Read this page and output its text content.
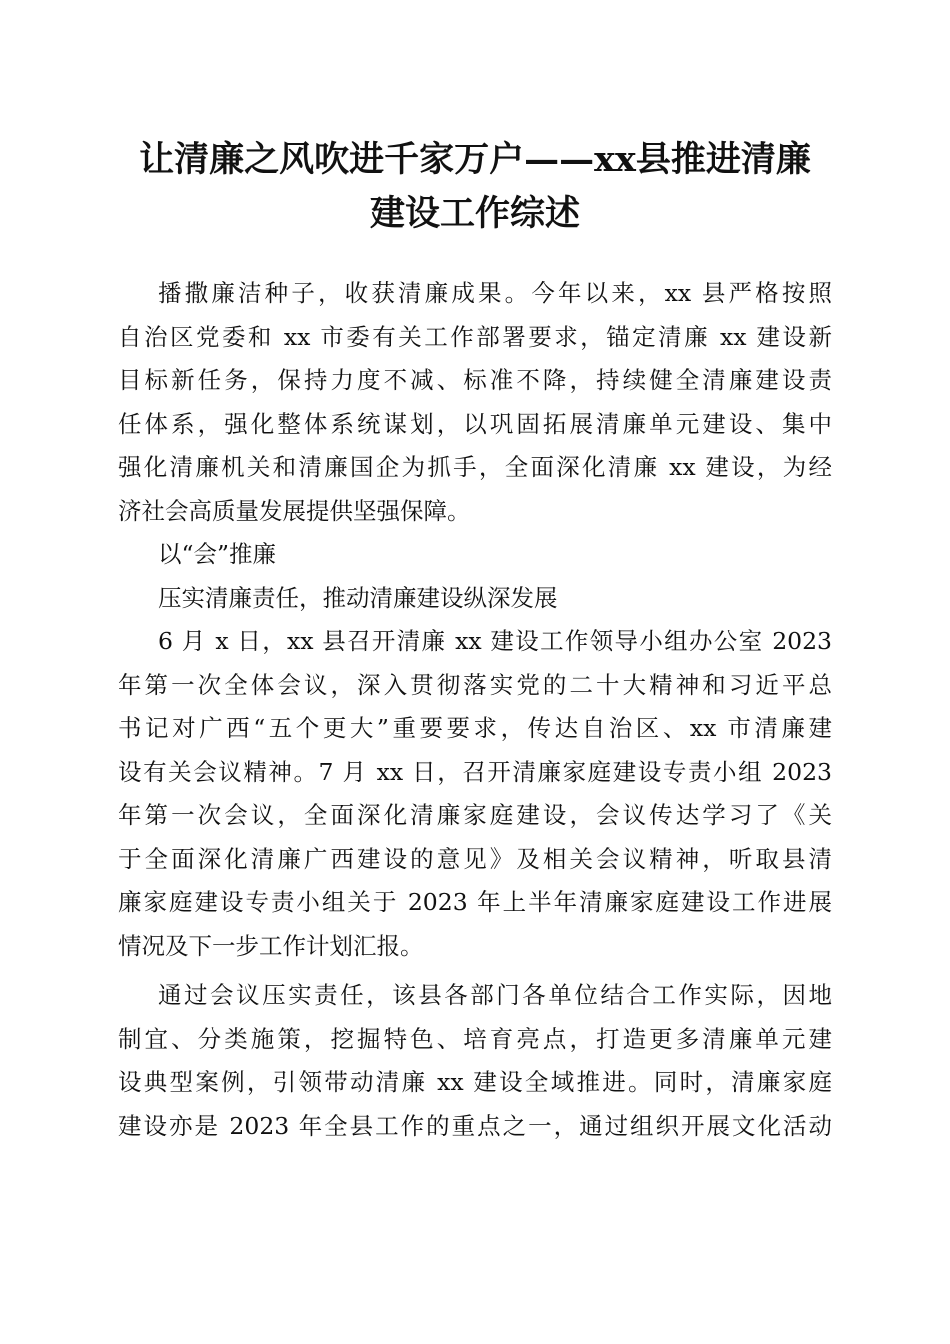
让清廉之风吹进千家万户——xx县推进清廉
建设工作综述
播撒廉洁种子，收获清廉成果。今年以来，xx 县严格按照
自治区党委和 xx 市委有关工作部署要求，锚定清廉 xx 建设新
目标新任务，保持力度不减、标准不降，持续健全清廉建设责
任体系，强化整体系统谋划，以巩固拓展清廉单元建设、集中
强化清廉机关和清廉国企为抓手，全面深化清廉 xx 建设，为经
济社会高质量发展提供坚强保障。
以“会”推廉
压实清廉责任，推动清廉建设纵深发展
6 月 x 日，xx 县召开清廉 xx 建设工作领导小组办公室 2023
年第一次全体会议，深入贯彻落实党的二十大精神和习近平总
书记对广西“五个更大”重要要求，传达自治区、xx 市清廉建
设有关会议精神。7 月 xx 日，召开清廉家庭建设专责小组 2023
年第一次会议，全面深化清廉家庭建设，会议传达学习了《关
于全面深化清廉广西建设的意见》及相关会议精神，听取县清
廉家庭建设专责小组关于 2023 年上半年清廉家庭建设工作进展
情况及下一步工作计划汇报。
通过会议压实责任，该县各部门各单位结合工作实际，因地
制宜、分类施策，挖掘特色、培育亮点，打造更多清廉单元建
设典型案例，引领带动清廉 xx 建设全域推进。同时，清廉家庭
建设亦是 2023 年全县工作的重点之一，通过组织开展文化活动
